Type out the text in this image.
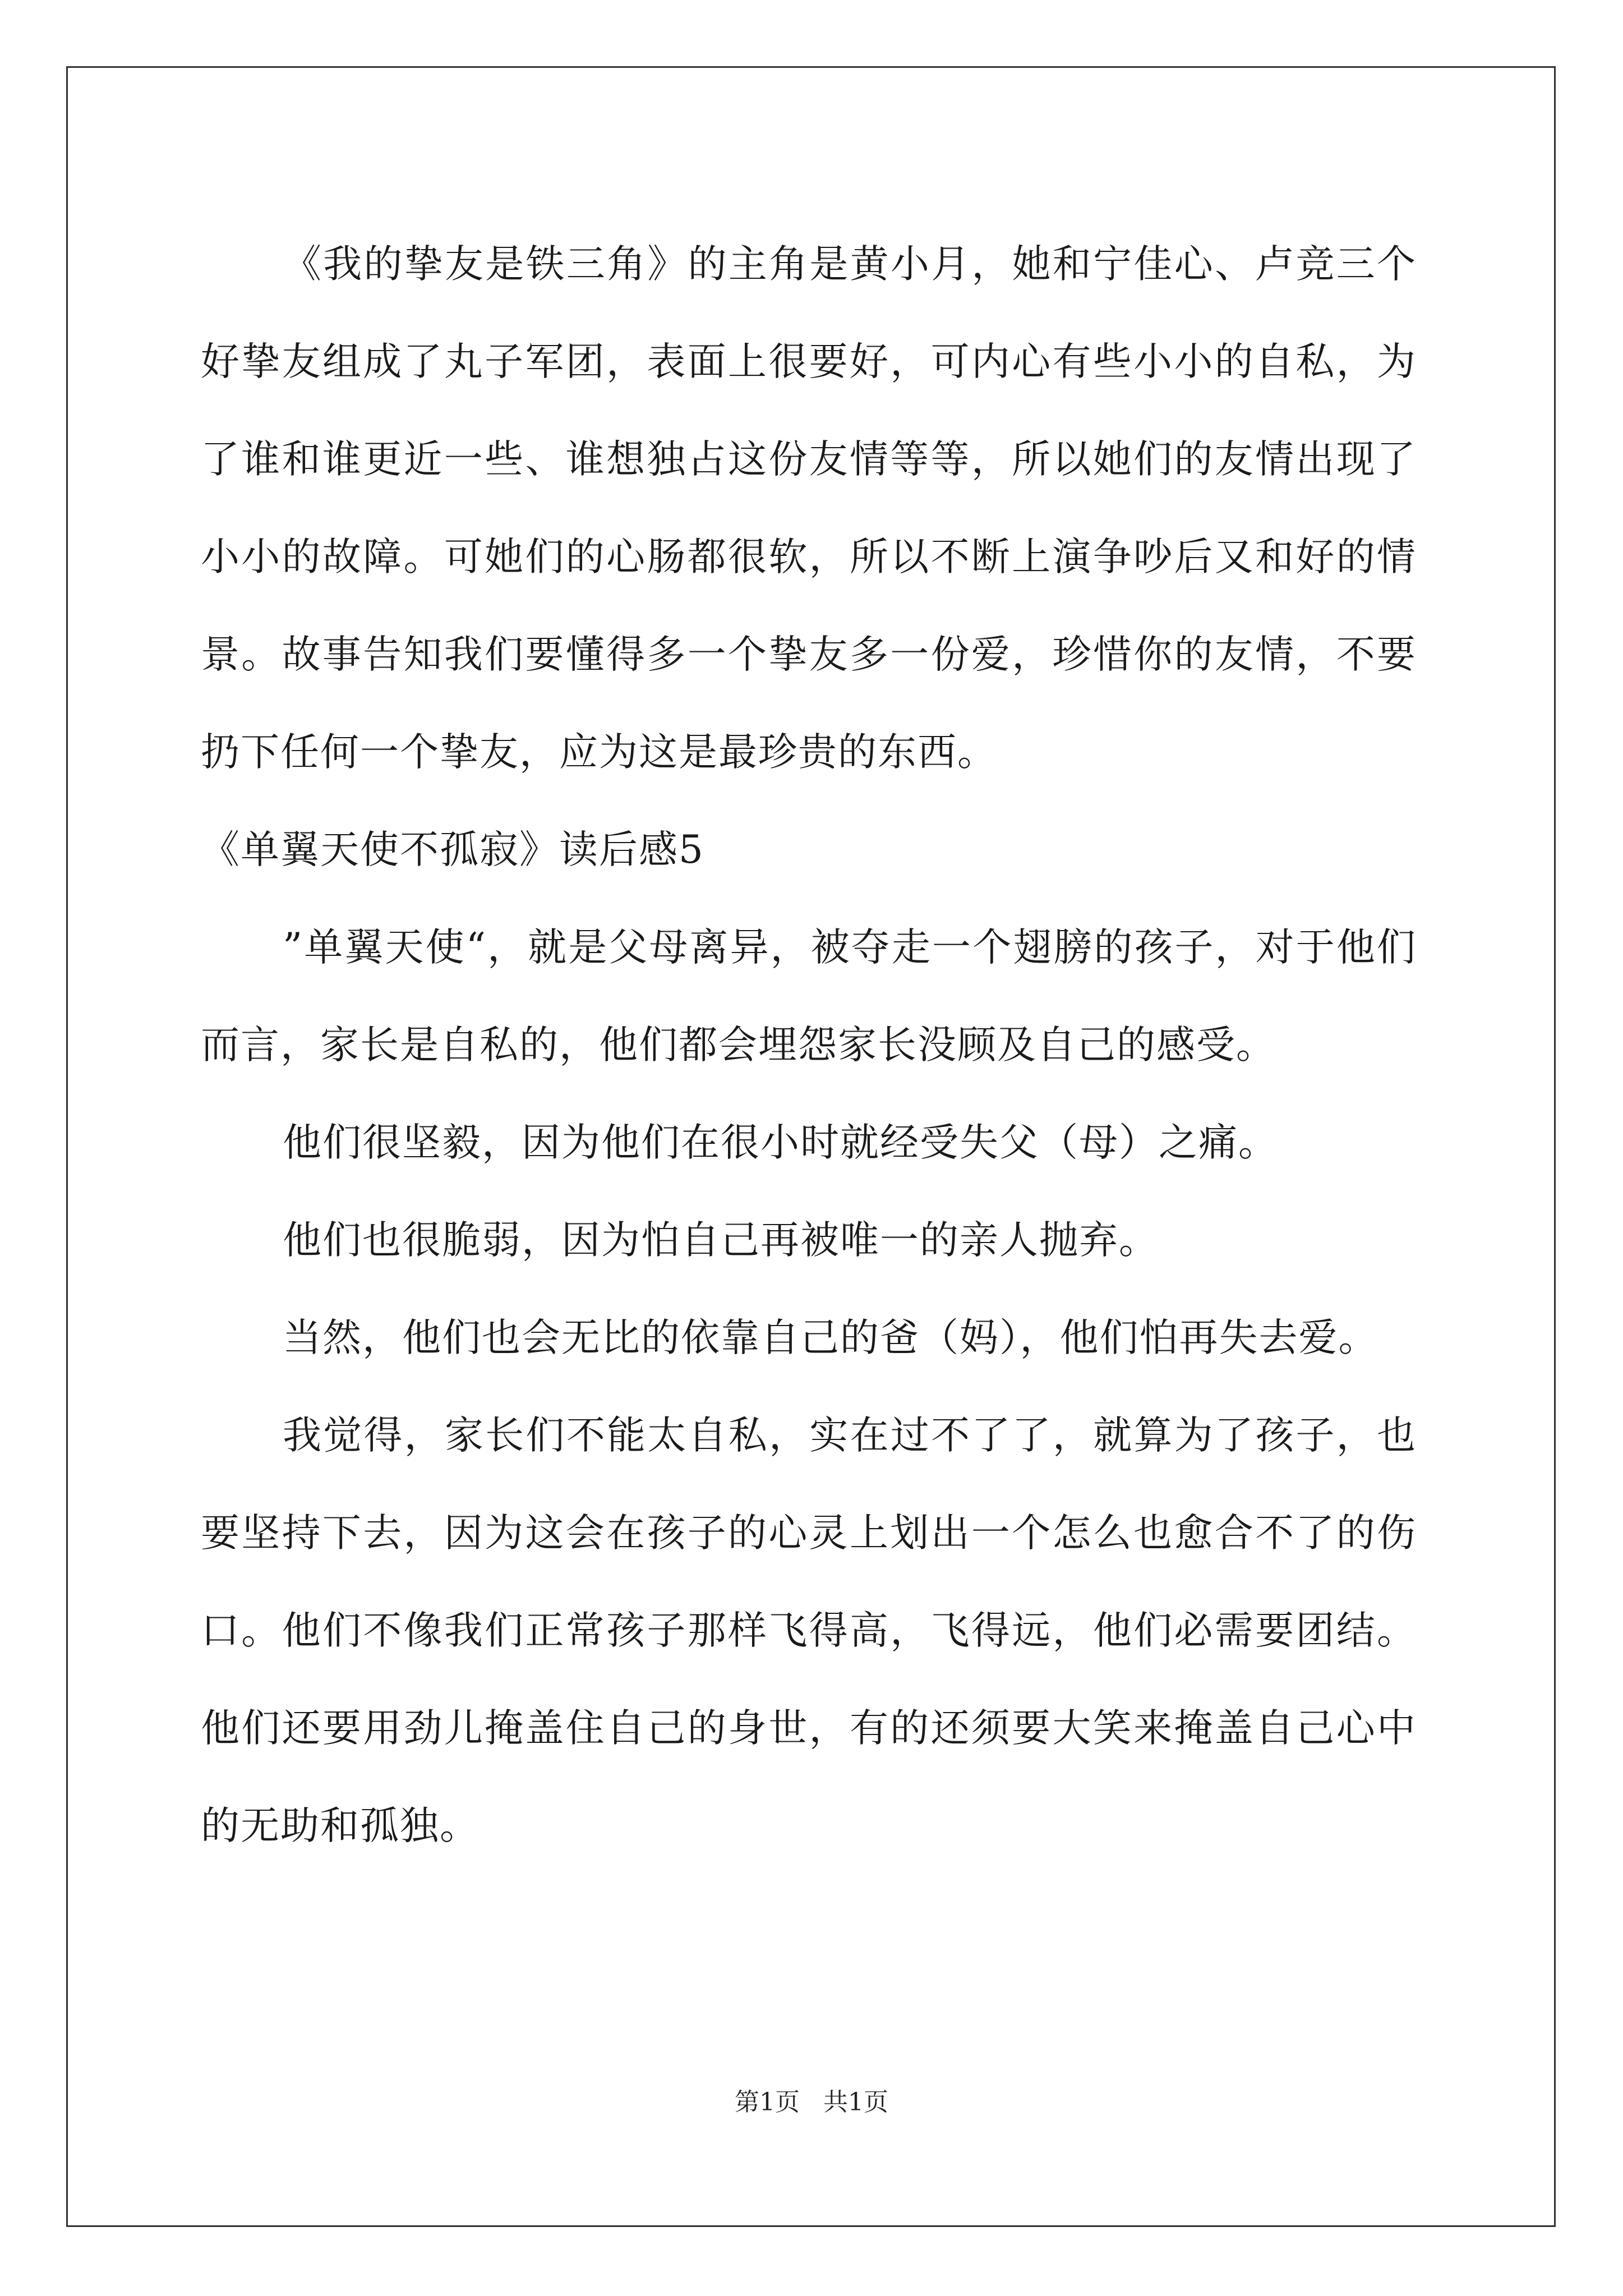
《我的挚友是铁三角》的主角是黄小月，她和宁佳心、卢竞三个好挚友组成了丸子军团，表面上很要好，可内心有些小小的自私，为了谁和谁更近一些、谁想独占这份友情等等，所以她们的友情出现了小小的故障。可她们的心肠都很软，所以不断上演争吵后又和好的情景。故事告知我们要懂得多一个挚友多一份爱，珍惜你的友情，不要扔下任何一个挚友，应为这是最珍贵的东西。

《单翼天使不孤寂》读后感5

”单翼天使“，就是父母离异，被夺走一个翅膀的孩子，对于他们而言，家长是自私的，他们都会埋怨家长没顾及自己的感受。

他们很坚毅，因为他们在很小时就经受失父（母）之痛。

他们也很脆弱，因为怕自己再被唯一的亲人抛弃。

当然，他们也会无比的依靠自己的爸（妈），他们怕再失去爱。

我觉得，家长们不能太自私，实在过不了了，就算为了孩子，也要坚持下去，因为这会在孩子的心灵上划出一个怎么也愈合不了的伤口。他们不像我们正常孩子那样飞得高，飞得远，他们必需要团结。他们还要用劲儿掩盖住自己的身世，有的还须要大笑来掩盖自己心中的无助和孤独。

第1页 共1页
